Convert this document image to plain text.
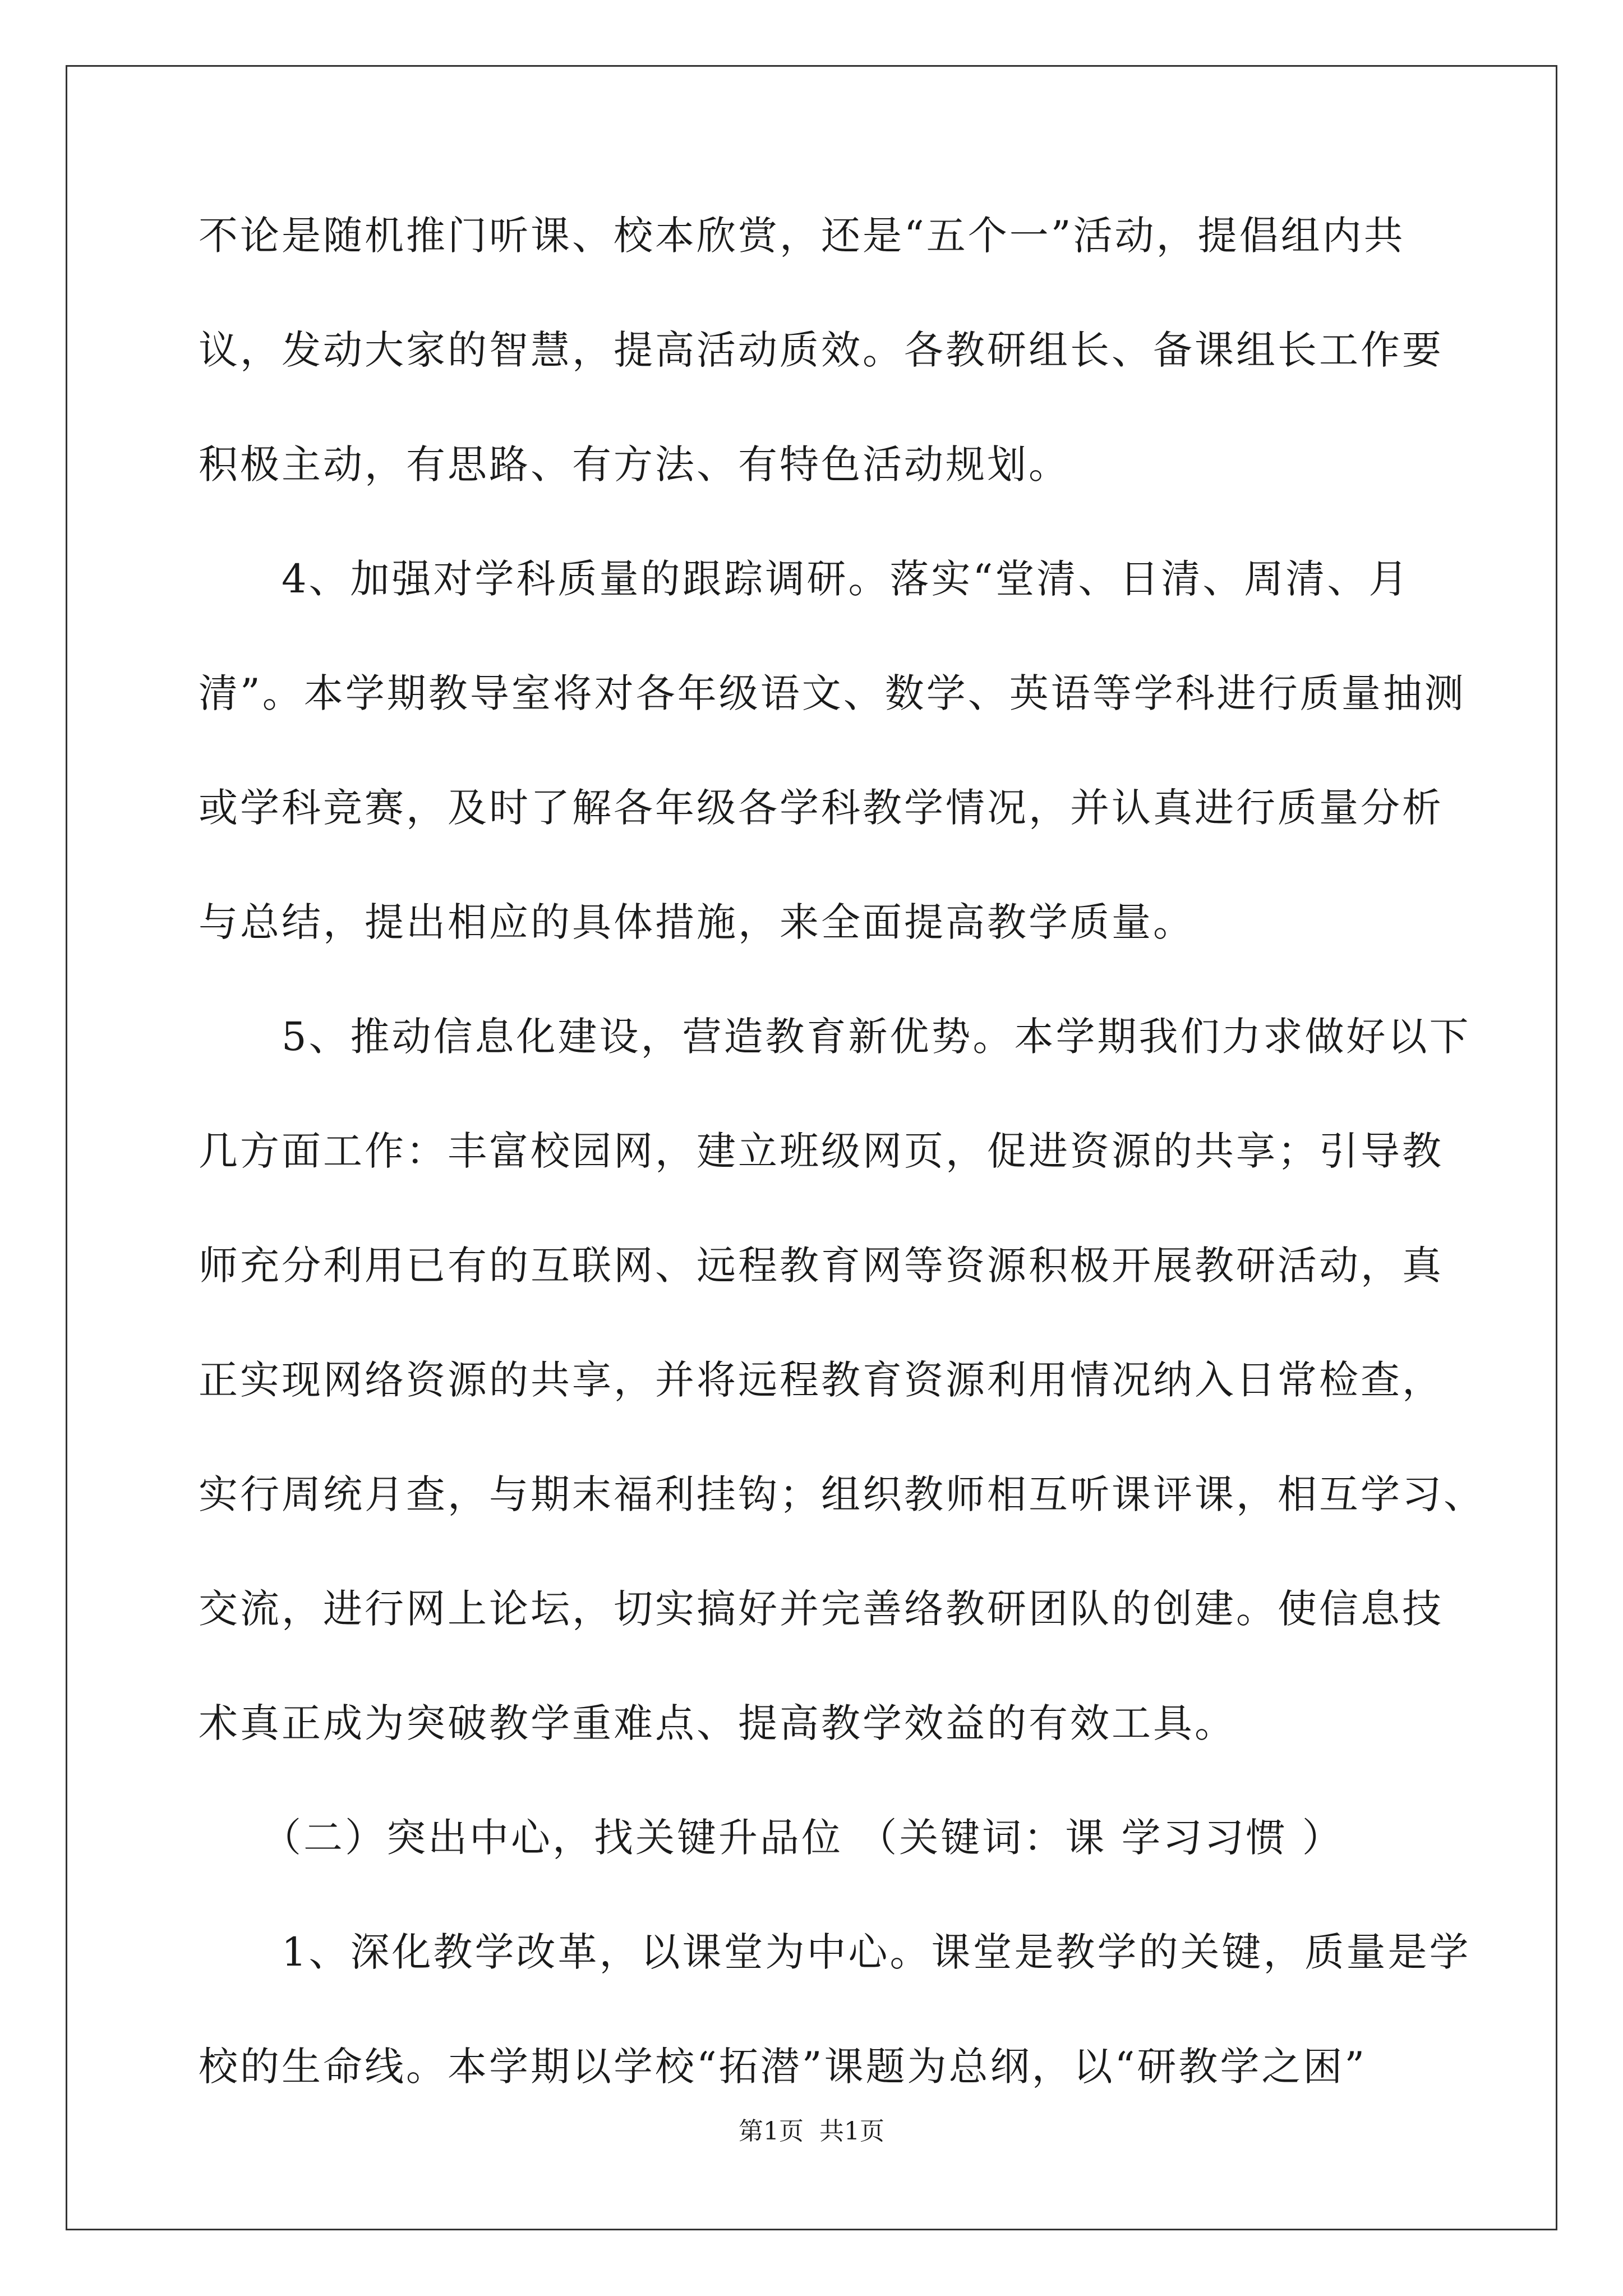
不论是随机推门听课、校本欣赏，还是“五个一”活动，提倡组内共
议，发动大家的智慧，提高活动质效。各教研组长、备课组长工作要
积极主动，有思路、有方法、有特色活动规划。
　　4、加强对学科质量的跟踪调研。落实“堂清、日清、周清、月
清”。本学期教导室将对各年级语文、数学、英语等学科进行质量抽测
或学科竞赛，及时了解各年级各学科教学情况，并认真进行质量分析
与总结，提出相应的具体措施，来全面提高教学质量。
　　5、推动信息化建设，营造教育新优势。本学期我们力求做好以下
几方面工作：丰富校园网，建立班级网页，促进资源的共享；引导教
师充分利用已有的互联网、远程教育网等资源积极开展教研活动，真
正实现网络资源的共享，并将远程教育资源利用情况纳入日常检查，
实行周统月查，与期末福利挂钩；组织教师相互听课评课，相互学习、
交流，进行网上论坛，切实搞好并完善络教研团队的创建。使信息技
术真正成为突破教学重难点、提高教学效益的有效工具。
　　（二）突出中心，找关键升品位 （关键词：课 学习习惯 ）
　　1、深化教学改革，以课堂为中心。课堂是教学的关键，质量是学
校的生命线。本学期以学校“拓潜”课题为总纲，以“研教学之困”
第1页  共1页
